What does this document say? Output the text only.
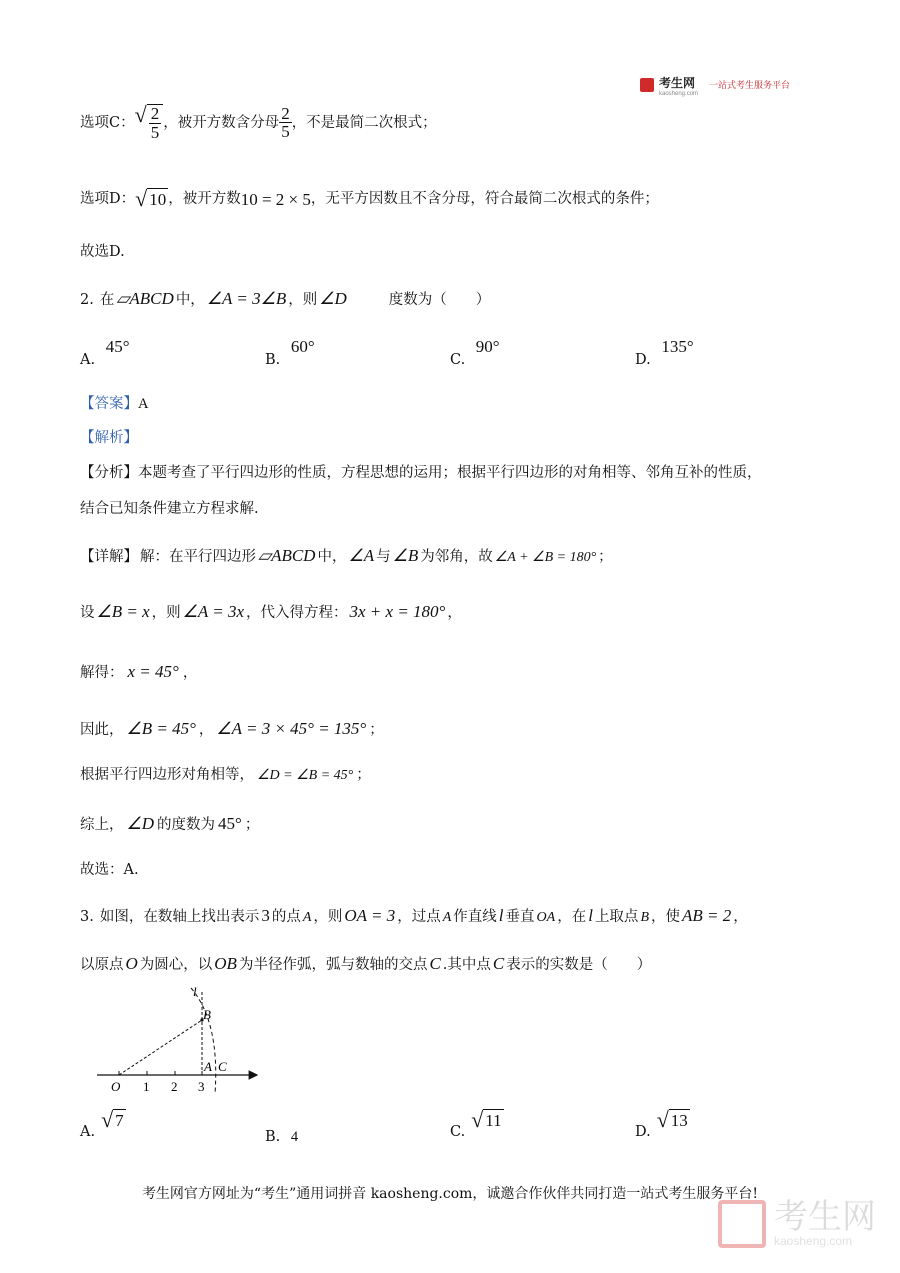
考生网
kaosheng.com
一站式考生服务平台
选项C： √ $\frac{2}{5}$ ，被开方数含分母 $\frac{2}{5}$ ，不是最简二次根式；
选项D： √ 10 ，被开方数 10 = 2 × 5 ，无平方因数且不含分母，符合最简二次根式的条件；
故选D.
2. 在 ▱ABCD 中， ∠A = 3∠B ，则 ∠D	度数为（　　）
A. 45°
B. 60°
C. 90°
D. 135°
【答案】A
【解析】
【分析】本题考查了平行四边形的性质，方程思想的运用；根据平行四边形的对角相等、邻角互补的性质，
结合已知条件建立方程求解.
【详解】 解：在平行四边形 ▱ABCD 中， ∠A 与 ∠B 为邻角，故 ∠A + ∠B = 180° ；
设 ∠B = x ，则 ∠A = 3x ，代入得方程： 3x + x = 180° ，
解得： x = 45° ，
因此， ∠B = 45° ， ∠A = 3 × 45° = 135° ；
根据平行四边形对角相等， ∠D = ∠B = 45° ；
综上， ∠D 的度数为 45° ；
故选：A.
3. 如图，在数轴上找出表示 3 的点 A ，则 OA = 3 ，过点 A 作直线 l 垂直 OA ，在 l 上取点 B ，使 AB = 2 ，
以原点 O 为圆心，以 OB 为半径作弧，弧与数轴的交点 C .其中点 C 表示的实数是（　　）
l
B
O 1 2 3
A C
A. √ 7
B. 4	C. √ 11
D. √ 13
考生网官方网址为“考生”通用词拼音 kaosheng.com，诚邀合作伙伴共同打造一站式考生服务平台!
考生网
kaosheng.com
